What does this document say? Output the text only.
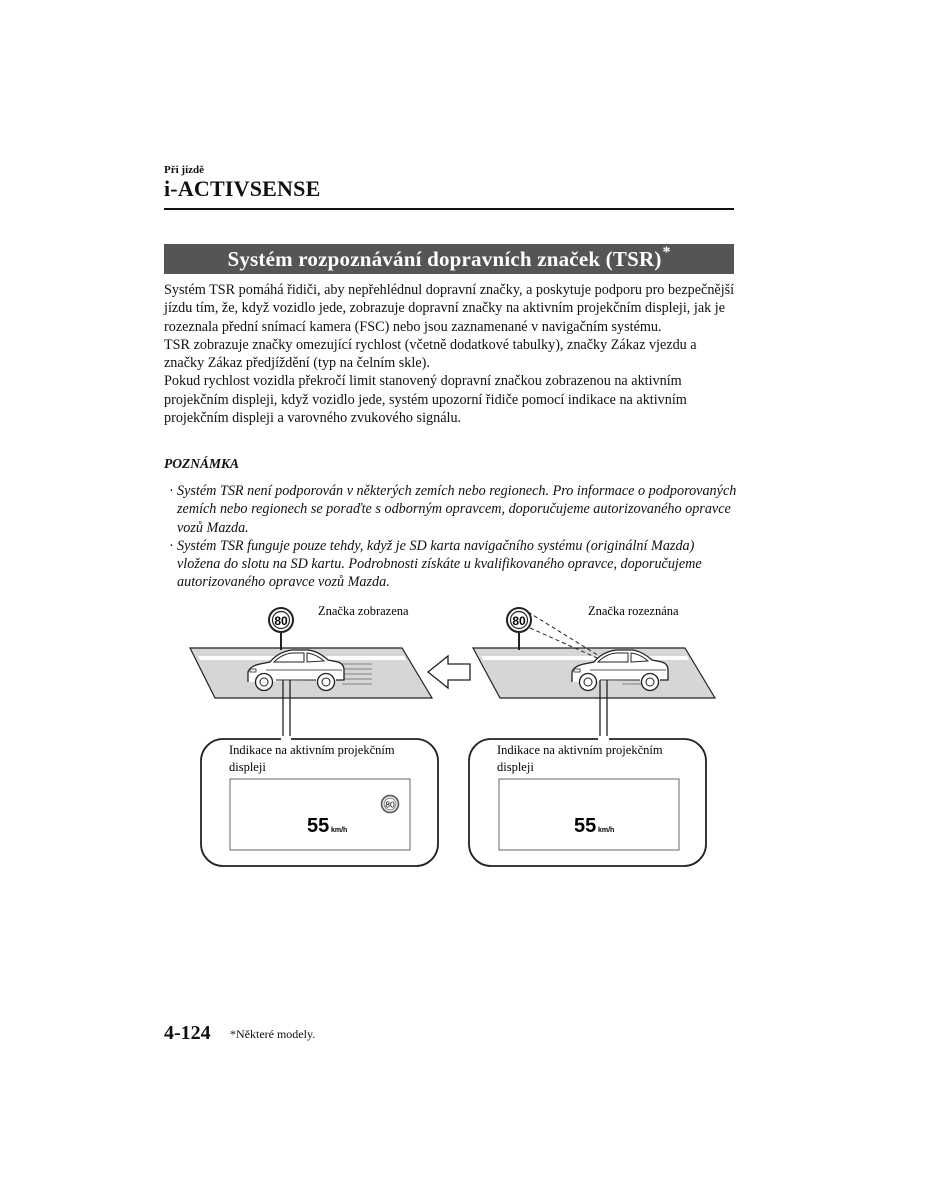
Při jízdě
i-ACTIVSENSE
Systém rozpoznávání dopravních značek (TSR) *

Systém TSR pomáhá řidiči, aby nepřehlédnul dopravní značky, a poskytuje podporu pro bezpečnější jízdu tím, že, když vozidlo jede, zobrazuje dopravní značky na aktivním projekčním displeji, jak je rozeznala přední snímací kamera (FSC) nebo jsou zaznamenané v navigačním systému.

TSR zobrazuje značky omezující rychlost (včetně dodatkové tabulky), značky Zákaz vjezdu a značky Zákaz předjíždění (typ na čelním skle).

Pokud rychlost vozidla překročí limit stanovený dopravní značkou zobrazenou na aktivním projekčním displeji, když vozidlo jede, systém upozorní řidiče pomocí indikace na aktivním projekčním displeji a varovného zvukového signálu.

POZNÁMKA

· Systém TSR není podporován v některých zemích nebo regionech. Pro informace o podporovaných zemích nebo regionech se poraďte s odborným opravcem, doporučujeme autorizovaného opravce vozů Mazda.

· Systém TSR funguje pouze tehdy, když je SD karta navigačního systému (originální Mazda) vložena do slotu na SD kartu. Podrobnosti získáte u kvalifikovaného opravce, doporučujeme autorizovaného opravce vozů Mazda.

80
Značka zobrazena
80
Značka rozeznána
Indikace na aktivním projekčním
displeji
55 km/h
80
Indikace na aktivním projekčním
displeji
55 km/h
4-124 *Některé modely.
